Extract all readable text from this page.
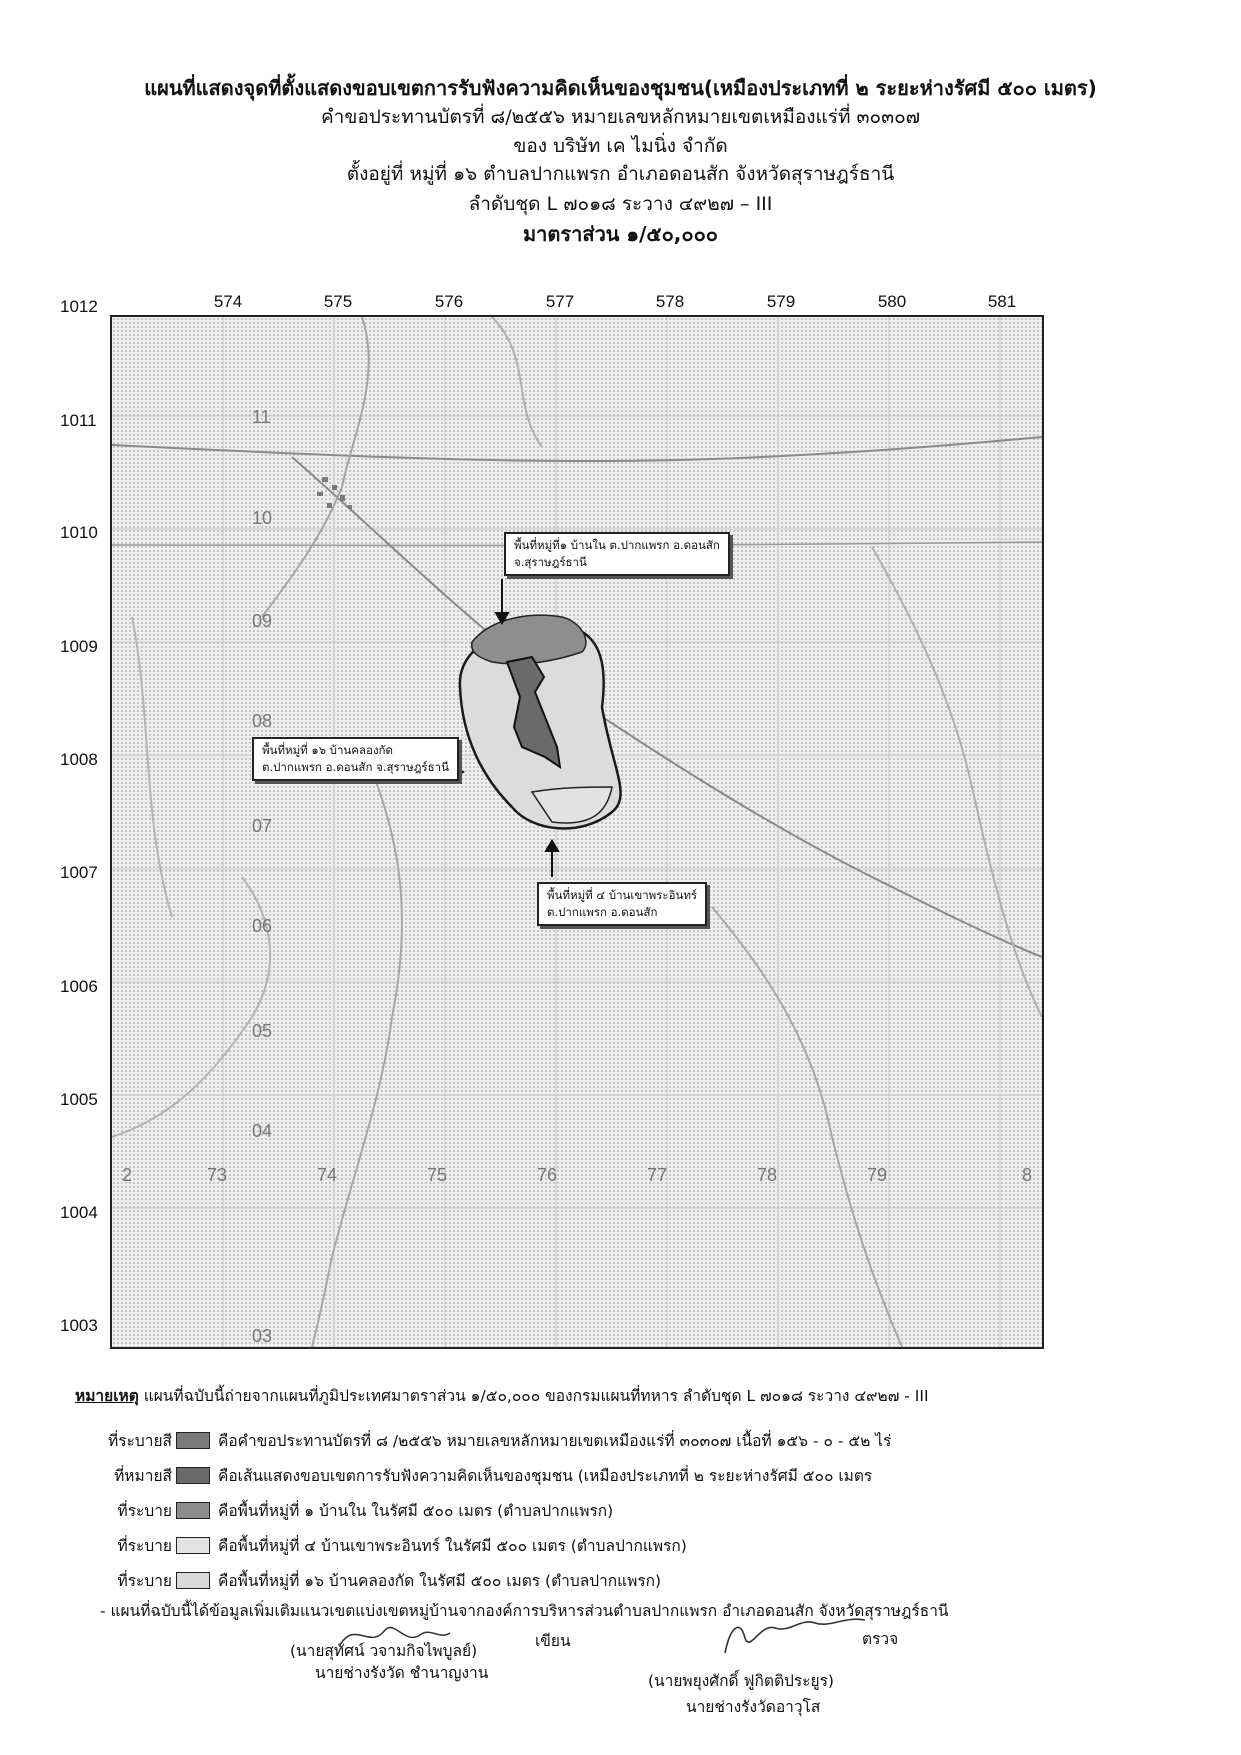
แผนที่แสดงจุดที่ตั้งแสดงขอบเขตการรับฟังความคิดเห็นของชุมชน(เหมืองประเภทที่ ๒ ระยะห่างรัศมี ๕๐๐ เมตร)
คำขอประทานบัตรที่ ๘/๒๕๕๖ หมายเลขหลักหมายเขตเหมืองแร่ที่ ๓๐๓๐๗
ของ บริษัท เค ไมนิ่ง จำกัด
ตั้งอยู่ที่ หมู่ที่ ๑๖ ตำบลปากแพรก อำเภอดอนสัก จังหวัดสุราษฎร์ธานี
ลำดับชุด L ๗๐๑๘ ระวาง ๔๙๒๗ – III
มาตราส่วน ๑/๕๐,๐๐๐
574	575	576	577	578	579	580	581
1012
1011
1010
1009
1008
1007
1006
1005
1004
1003
2	73	74	75	76	77	78	79	8
11
10
09
08
07
06
05
04
03
พื้นที่หมู่ที่๑ บ้านใน ต.ปากแพรก อ.ดอนสัก
จ.สุราษฎร์ธานี
พื้นที่หมู่ที่ ๑๖ บ้านคลองกัด
ต.ปากแพรก อ.ดอนสัก จ.สุราษฎร์ธานี
พื้นที่หมู่ที่ ๔ บ้านเขาพระอินทร์
ต.ปากแพรก อ.ดอนสัก
หมายเหตุ แผนที่ฉบับนี้ถ่ายจากแผนที่ภูมิประเทศมาตราส่วน ๑/๕๐,๐๐๐ ของกรมแผนที่ทหาร ลำดับชุด L ๗๐๑๘ ระวาง ๔๙๒๗ - III
ที่ระบายสี	คือคำขอประทานบัตรที่ ๘ /๒๕๕๖ หมายเลขหลักหมายเขตเหมืองแร่ที่ ๓๐๓๐๗ เนื้อที่ ๑๕๖ - ๐ - ๕๒ ไร่
ที่หมายสี	คือเส้นแสดงขอบเขตการรับฟังความคิดเห็นของชุมชน (เหมืองประเภทที่ ๒ ระยะห่างรัศมี ๕๐๐ เมตร
ที่ระบาย	คือพื้นที่หมู่ที่ ๑ บ้านใน ในรัศมี ๕๐๐ เมตร (ตำบลปากแพรก)
ที่ระบาย	คือพื้นที่หมู่ที่ ๔ บ้านเขาพระอินทร์ ในรัศมี ๕๐๐ เมตร (ตำบลปากแพรก)
ที่ระบาย	คือพื้นที่หมู่ที่ ๑๖ บ้านคลองกัด ในรัศมี ๕๐๐ เมตร (ตำบลปากแพรก)
- แผนที่ฉบับนี้ได้ข้อมูลเพิ่มเติมแนวเขตแบ่งเขตหมู่บ้านจากองค์การบริหารส่วนตำบลปากแพรก อำเภอดอนสัก จังหวัดสุราษฎร์ธานี
(นายสุทัศน์ วจามกิจไพบูลย์)
เขียน
นายช่างรังวัด ชำนาญงาน
ตรวจ
(นายพยุงศักดิ์ ฟูกิตติประยูร)
นายช่างรังวัดอาวุโส
